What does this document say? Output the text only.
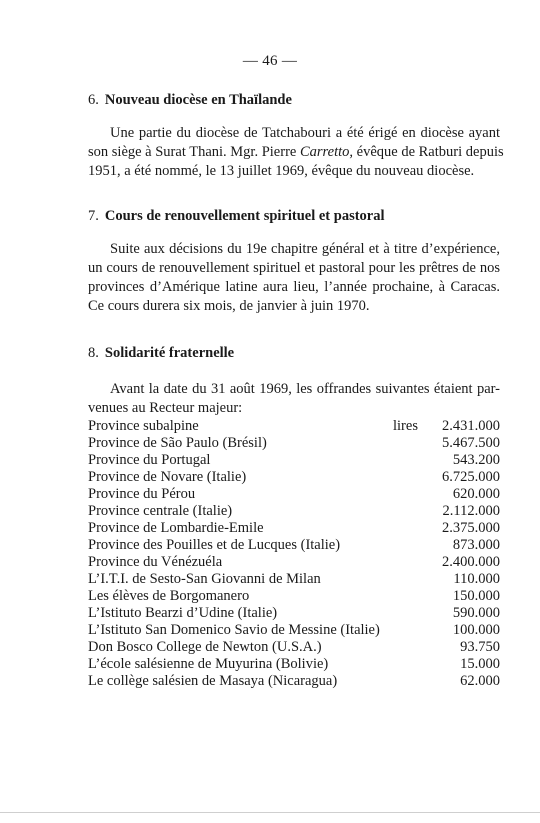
— 46 —
6. Nouveau diocèse en Thaïlande
Une partie du diocèse de Tatchabouri a été érigé en diocèse ayant
son siège à Surat Thani. Mgr. Pierre Carretto, évêque de Ratburi depuis
1951, a été nommé, le 13 juillet 1969, évêque du nouveau diocèse.
7. Cours de renouvellement spirituel et pastoral
Suite aux décisions du 19e chapitre général et à titre d’expérience,
un cours de renouvellement spirituel et pastoral pour les prêtres de nos
provinces d’Amérique latine aura lieu, l’année prochaine, à Caracas.
Ce cours durera six mois, de janvier à juin 1970.
8. Solidarité fraternelle
Avant la date du 31 août 1969, les offrandes suivantes étaient par-
venues au Recteur majeur:
Province subalpine	lires 2.431.000
Province de São Paulo (Brésil)	5.467.500
Province du Portugal	543.200
Province de Novare (Italie)	6.725.000
Province du Pérou	620.000
Province centrale (Italie)	2.112.000
Province de Lombardie-Emile	2.375.000
Province des Pouilles et de Lucques (Italie)	873.000
Province du Vénézuéla	2.400.000
L’I.T.I. de Sesto-San Giovanni de Milan	110.000
Les élèves de Borgomanero	150.000
L’Istituto Bearzi d’Udine (Italie)	590.000
L’Istituto San Domenico Savio de Messine (Italie)	100.000
Don Bosco College de Newton (U.S.A.)	93.750
L’école salésienne de Muyurina (Bolivie)	15.000
Le collège salésien de Masaya (Nicaragua)	62.000
